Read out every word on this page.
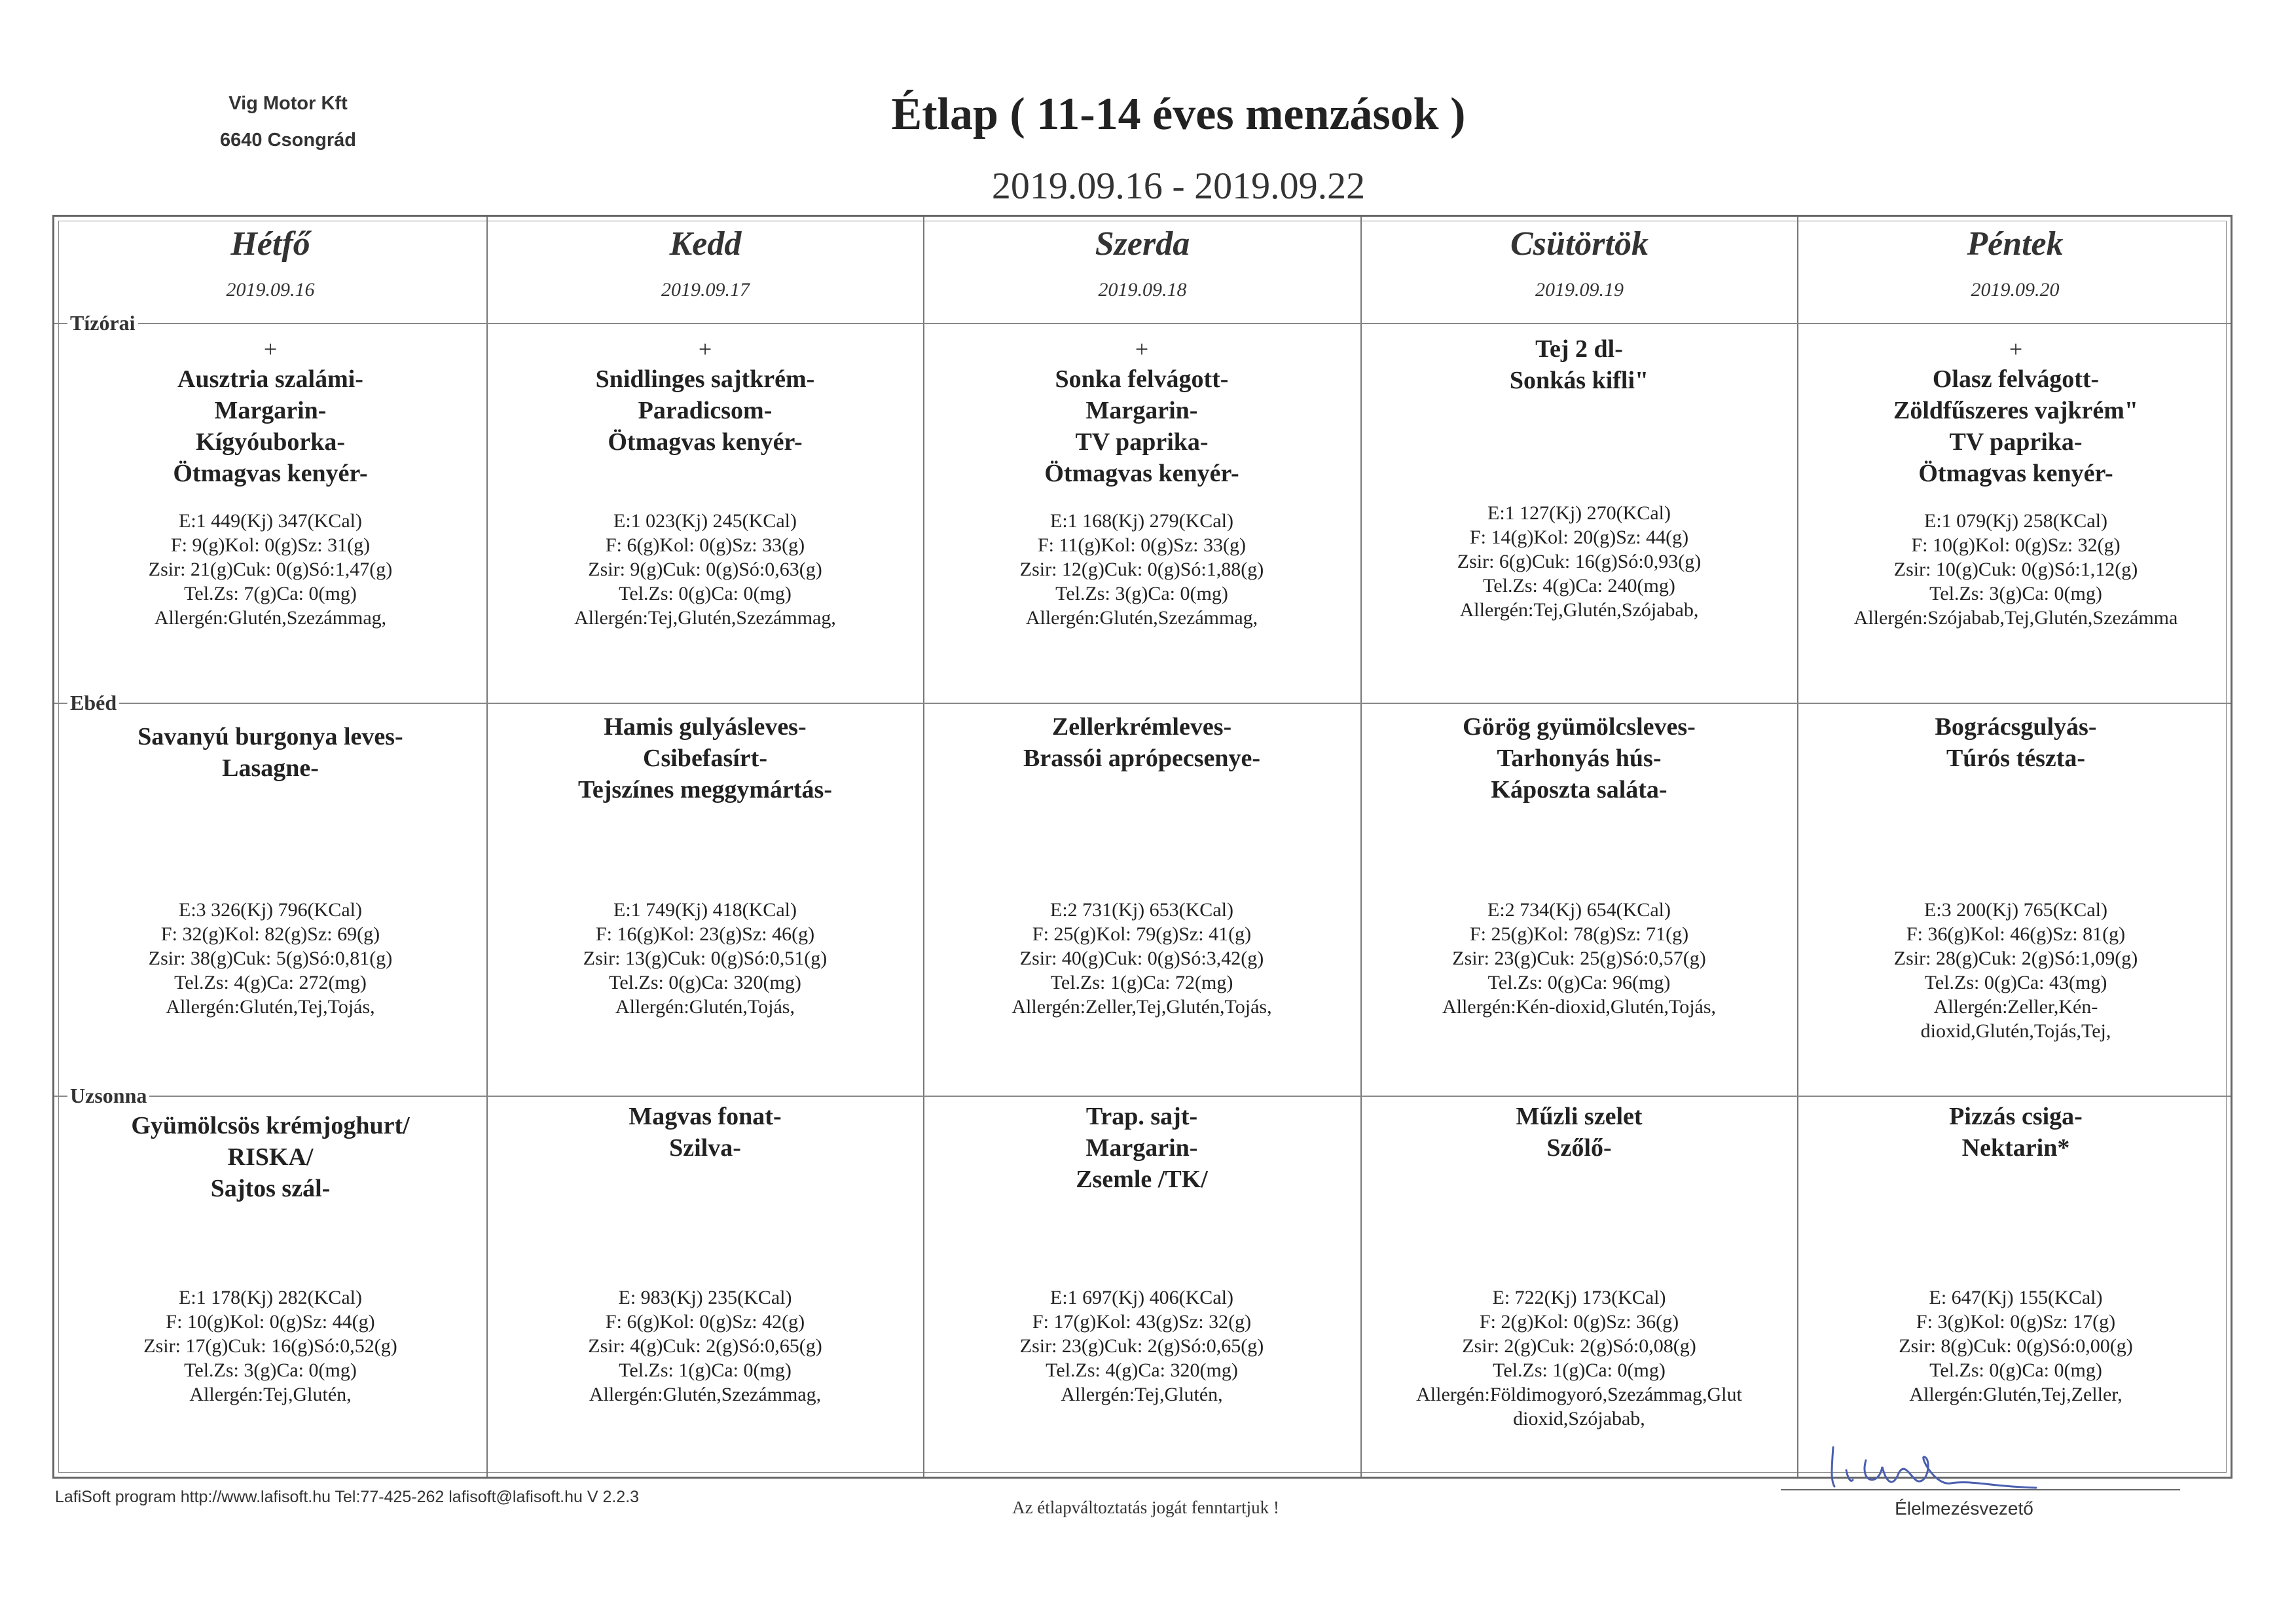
Vig Motor Kft
6640 Csongrád
Étlap ( 11-14 éves menzások )
2019.09.16 - 2019.09.22
Tízórai
Ebéd
Uzsonna
Hétfő
2019.09.16
Kedd
2019.09.17
Szerda
2019.09.18
Csütörtök
2019.09.19
Péntek
2019.09.20
+
Ausztria szalámi-
Margarin-
Kígyóuborka-
Ötmagvas kenyér-
E:1 449(Kj) 347(KCal)
F: 9(g)Kol: 0(g)Sz: 31(g)
Zsir: 21(g)Cuk: 0(g)Só:1,47(g)
Tel.Zs: 7(g)Ca: 0(mg)
Allergén:Glutén,Szezámmag,
Savanyú burgonya leves-
Lasagne-
E:3 326(Kj) 796(KCal)
F: 32(g)Kol: 82(g)Sz: 69(g)
Zsir: 38(g)Cuk: 5(g)Só:0,81(g)
Tel.Zs: 4(g)Ca: 272(mg)
Allergén:Glutén,Tej,Tojás,
Gyümölcsös krémjoghurt/
RISKA/
Sajtos szál-
E:1 178(Kj) 282(KCal)
F: 10(g)Kol: 0(g)Sz: 44(g)
Zsir: 17(g)Cuk: 16(g)Só:0,52(g)
Tel.Zs: 3(g)Ca: 0(mg)
Allergén:Tej,Glutén,
+
Snidlinges sajtkrém-
Paradicsom-
Ötmagvas kenyér-
E:1 023(Kj) 245(KCal)
F: 6(g)Kol: 0(g)Sz: 33(g)
Zsir: 9(g)Cuk: 0(g)Só:0,63(g)
Tel.Zs: 0(g)Ca: 0(mg)
Allergén:Tej,Glutén,Szezámmag,
Hamis gulyásleves-
Csibefasírt-
Tejszínes meggymártás-
E:1 749(Kj) 418(KCal)
F: 16(g)Kol: 23(g)Sz: 46(g)
Zsir: 13(g)Cuk: 0(g)Só:0,51(g)
Tel.Zs: 0(g)Ca: 320(mg)
Allergén:Glutén,Tojás,
Magvas fonat-
Szilva-
E: 983(Kj) 235(KCal)
F: 6(g)Kol: 0(g)Sz: 42(g)
Zsir: 4(g)Cuk: 2(g)Só:0,65(g)
Tel.Zs: 1(g)Ca: 0(mg)
Allergén:Glutén,Szezámmag,
+
Sonka felvágott-
Margarin-
TV paprika-
Ötmagvas kenyér-
E:1 168(Kj) 279(KCal)
F: 11(g)Kol: 0(g)Sz: 33(g)
Zsir: 12(g)Cuk: 0(g)Só:1,88(g)
Tel.Zs: 3(g)Ca: 0(mg)
Allergén:Glutén,Szezámmag,
Zellerkrémleves-
Brassói aprópecsenye-
E:2 731(Kj) 653(KCal)
F: 25(g)Kol: 79(g)Sz: 41(g)
Zsir: 40(g)Cuk: 0(g)Só:3,42(g)
Tel.Zs: 1(g)Ca: 72(mg)
Allergén:Zeller,Tej,Glutén,Tojás,
Trap. sajt-
Margarin-
Zsemle /TK/
E:1 697(Kj) 406(KCal)
F: 17(g)Kol: 43(g)Sz: 32(g)
Zsir: 23(g)Cuk: 2(g)Só:0,65(g)
Tel.Zs: 4(g)Ca: 320(mg)
Allergén:Tej,Glutén,
Tej 2 dl-
Sonkás kifli"
E:1 127(Kj) 270(KCal)
F: 14(g)Kol: 20(g)Sz: 44(g)
Zsir: 6(g)Cuk: 16(g)Só:0,93(g)
Tel.Zs: 4(g)Ca: 240(mg)
Allergén:Tej,Glutén,Szójabab,
Görög gyümölcsleves-
Tarhonyás hús-
Káposzta saláta-
E:2 734(Kj) 654(KCal)
F: 25(g)Kol: 78(g)Sz: 71(g)
Zsir: 23(g)Cuk: 25(g)Só:0,57(g)
Tel.Zs: 0(g)Ca: 96(mg)
Allergén:Kén-dioxid,Glutén,Tojás,
Műzli szelet
Szőlő-
E: 722(Kj) 173(KCal)
F: 2(g)Kol: 0(g)Sz: 36(g)
Zsir: 2(g)Cuk: 2(g)Só:0,08(g)
Tel.Zs: 1(g)Ca: 0(mg)
Allergén:Földimogyoró,Szezámmag,Glut
dioxid,Szójabab,
+
Olasz felvágott-
Zöldfűszeres vajkrém"
TV paprika-
Ötmagvas kenyér-
E:1 079(Kj) 258(KCal)
F: 10(g)Kol: 0(g)Sz: 32(g)
Zsir: 10(g)Cuk: 0(g)Só:1,12(g)
Tel.Zs: 3(g)Ca: 0(mg)
Allergén:Szójabab,Tej,Glutén,Szezámma
Bográcsgulyás-
Túrós tészta-
E:3 200(Kj) 765(KCal)
F: 36(g)Kol: 46(g)Sz: 81(g)
Zsir: 28(g)Cuk: 2(g)Só:1,09(g)
Tel.Zs: 0(g)Ca: 43(mg)
Allergén:Zeller,Kén-
dioxid,Glutén,Tojás,Tej,
Pizzás csiga-
Nektarin*
E: 647(Kj) 155(KCal)
F: 3(g)Kol: 0(g)Sz: 17(g)
Zsir: 8(g)Cuk: 0(g)Só:0,00(g)
Tel.Zs: 0(g)Ca: 0(mg)
Allergén:Glutén,Tej,Zeller,
LafiSoft program http://www.lafisoft.hu Tel:77-425-262 lafisoft@lafisoft.hu V 2.2.3
Az étlapváltoztatás jogát fenntartjuk !	Élelmezésvezető
